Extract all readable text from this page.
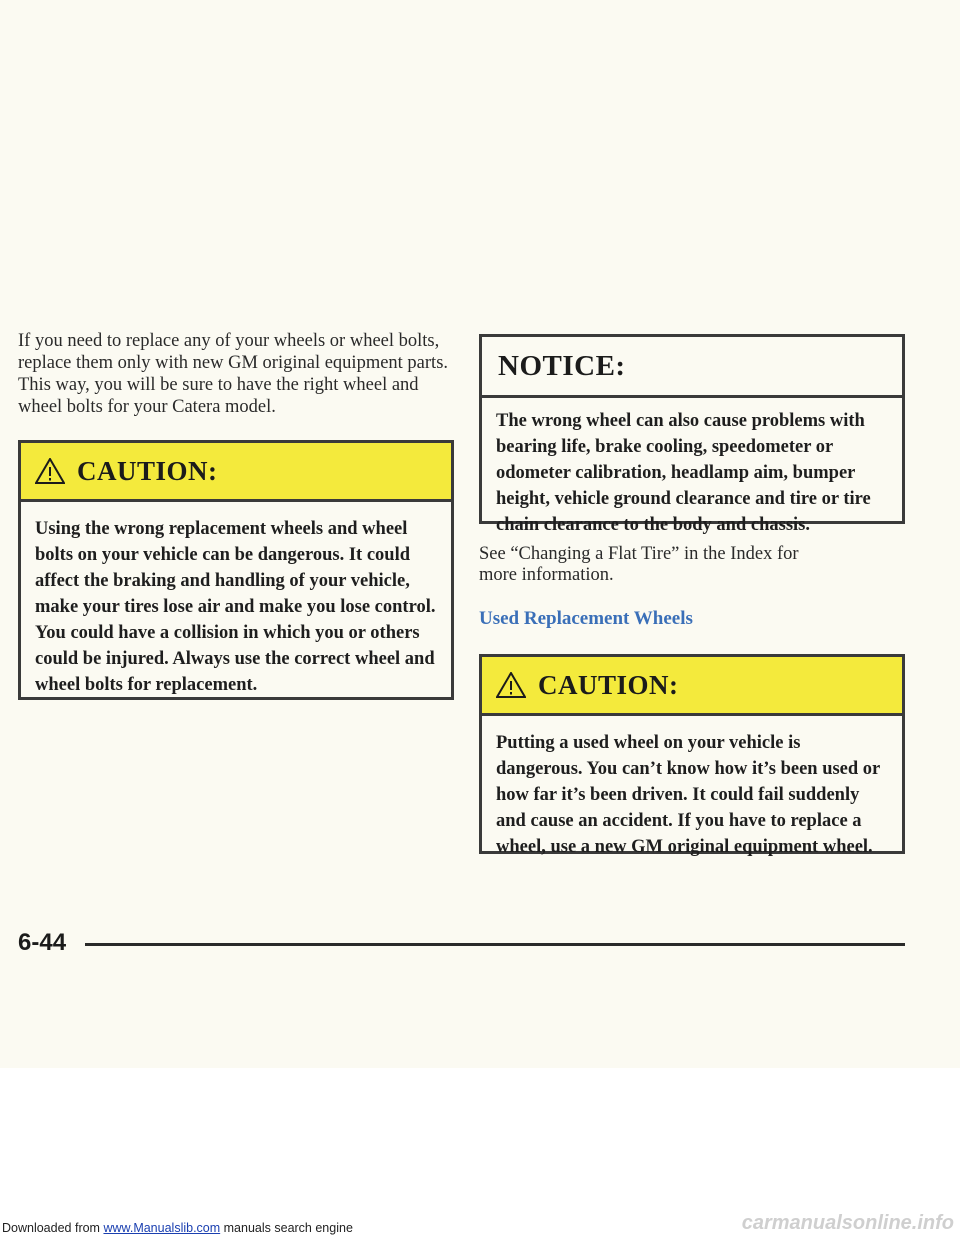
If you need to replace any of your wheels or wheel bolts, replace them only with new GM original equipment parts. This way, you will be sure to have the right wheel and wheel bolts for your Catera model.

CAUTION:
Using the wrong replacement wheels and wheel bolts on your vehicle can be dangerous. It could affect the braking and handling of your vehicle, make your tires lose air and make you lose control. You could have a collision in which you or others could be injured. Always use the correct wheel and wheel bolts for replacement.
NOTICE:
The wrong wheel can also cause problems with bearing life, brake cooling, speedometer or odometer calibration, headlamp aim, bumper height, vehicle ground clearance and tire or tire chain clearance to the body and chassis.

See “Changing a Flat Tire” in the Index for more information.

Used Replacement Wheels

CAUTION:
Putting a used wheel on your vehicle is dangerous. You can’t know how it’s been used or how far it’s been driven. It could fail suddenly and cause an accident. If you have to replace a wheel, use a new GM original equipment wheel.
6-44
Downloaded from www.Manualslib.com manuals search engine	carmanualsonline.info
